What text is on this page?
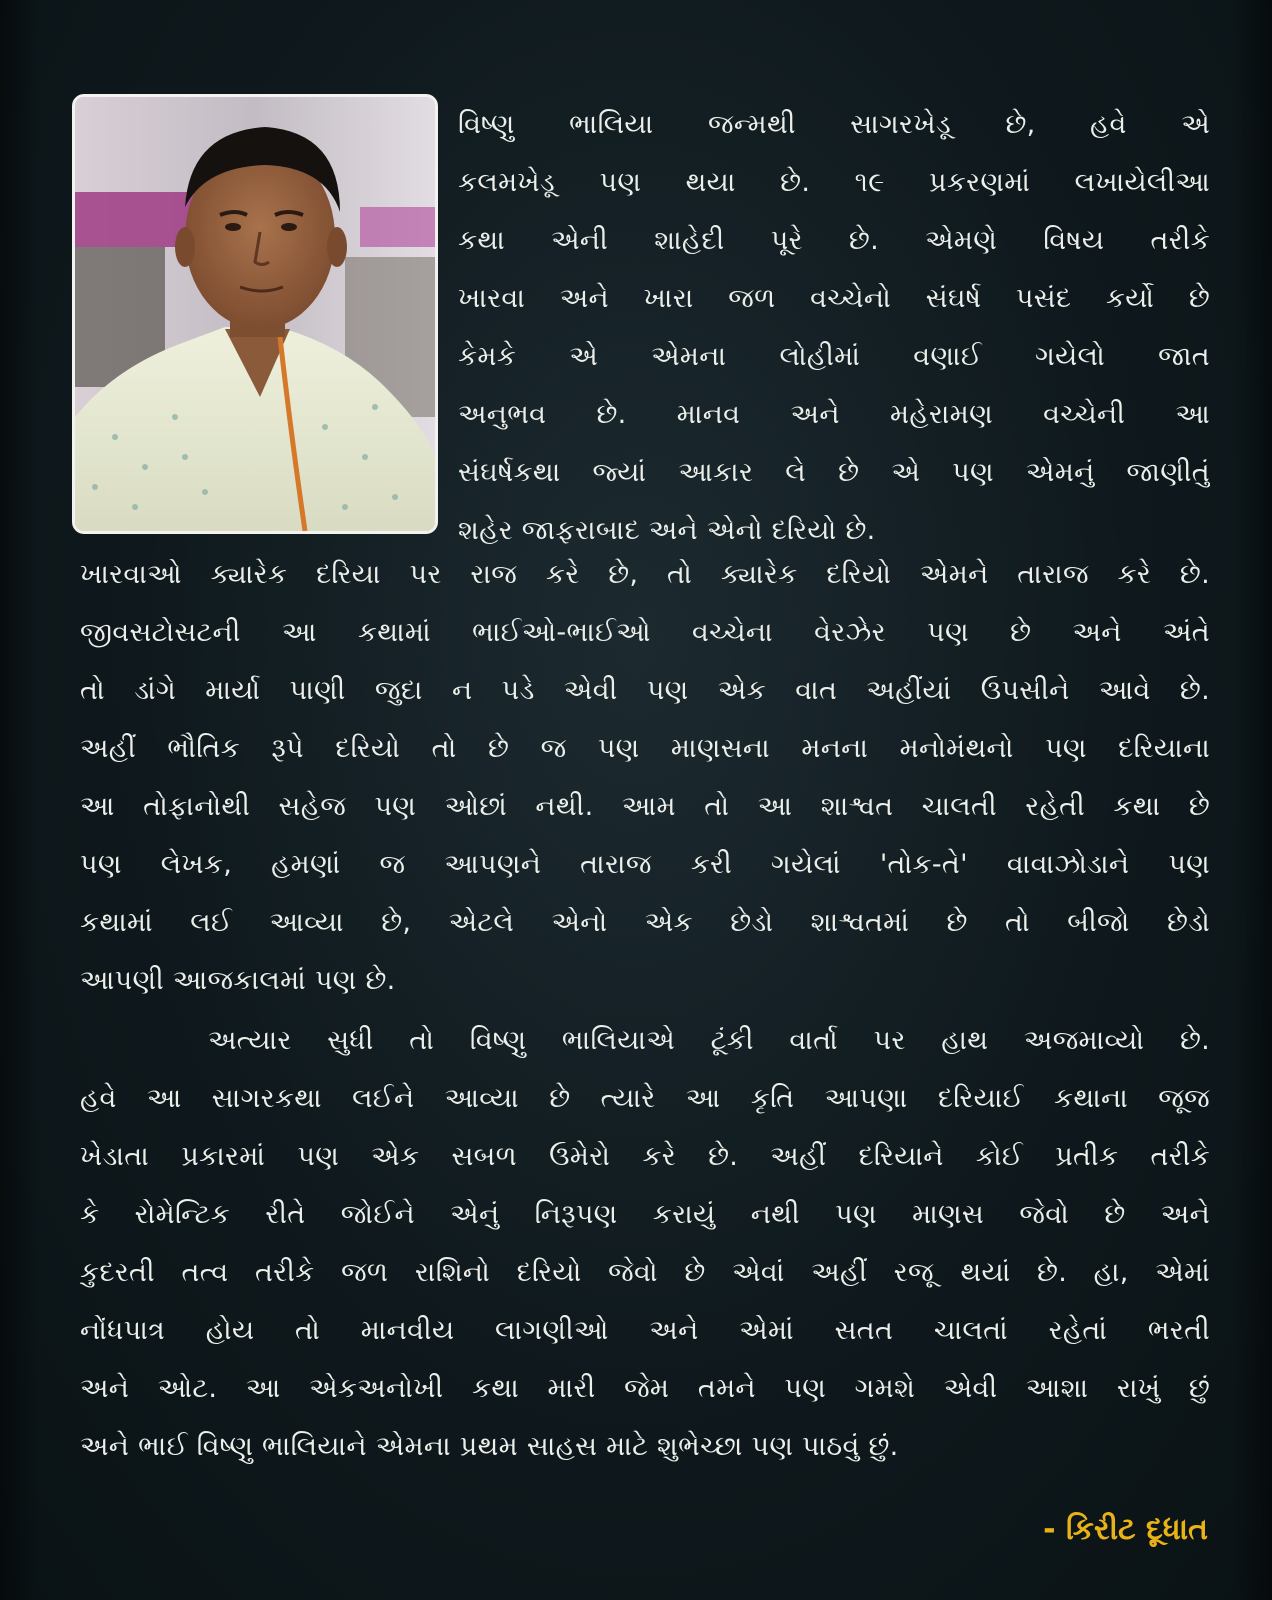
વિષ્ણુ ભાલિયા જન્મથી સાગરખેડૂ છે, હવે એ
કલમખેડૂ પણ થયા છે. ૧૯ પ્રકરણમાં લખાયેલીઆ
કથા એની શાહેદી પૂરે છે. એમણે વિષય તરીકે
ખારવા અને ખારા જળ વચ્ચેનો સંઘર્ષ પસંદ કર્યો છે
કેમકે એ એમના લોહીમાં વણાઈ ગયેલો જાત
અનુભવ છે. માનવ અને મહેરામણ વચ્ચેની આ
સંઘર્ષકથા જ્યાં આકાર લે છે એ પણ એમનું જાણીતું
શહેર જાફરાબાદ અને એનો દરિયો છે.
ખારવાઓ ક્યારેક દરિયા પર રાજ કરે છે, તો ક્યારેક દરિયો એમને તારાજ કરે છે.
જીવસટોસટની આ કથામાં ભાઈઓ-ભાઈઓ વચ્ચેના વેરઝેર પણ છે અને અંતે
તો ડાંગે માર્યા પાણી જુદા ન પડે એવી પણ એક વાત અહીંયાં ઉપસીને આવે છે.
અહીં ભૌતિક રૂપે દરિયો તો છે જ પણ માણસના મનના મનોમંથનો પણ દરિયાના
આ તોફાનોથી સહેજ પણ ઓછાં નથી. આમ તો આ શાશ્વત ચાલતી રહેતી કથા છે
પણ લેખક, હમણાં જ આપણને તારાજ કરી ગયેલાં 'તોક-તે' વાવાઝોડાને પણ
કથામાં લઈ આવ્યા છે, એટલે એનો એક છેડો શાશ્વતમાં છે તો બીજો છેડો
આપણી આજકાલમાં પણ છે.
અત્યાર સુધી તો વિષ્ણુ ભાલિયાએ ટૂંકી વાર્તા પર હાથ અજમાવ્યો છે.
હવે આ સાગરકથા લઈને આવ્યા છે ત્યારે આ કૃતિ આપણા દરિયાઈ કથાના જૂજ
ખેડાતા પ્રકારમાં પણ એક સબળ ઉમેરો કરે છે. અહીં દરિયાને કોઈ પ્રતીક તરીકે
કે રોમેન્ટિક રીતે જોઈને એનું નિરૂપણ કરાયું નથી પણ માણસ જેવો છે અને
કુદરતી તત્વ તરીકે જળ રાશિનો દરિયો જેવો છે એવાં અહીં રજૂ થયાં છે. હા, એમાં
નોંધપાત્ર હોય તો માનવીય લાગણીઓ અને એમાં સતત ચાલતાં રહેતાં ભરતી
અને ઓટ. આ એકઅનોખી કથા મારી જેમ તમને પણ ગમશે એવી આશા રાખું છું
અને ભાઈ વિષ્ણુ ભાલિયાને એમના પ્રથમ સાહસ માટે શુભેચ્છા પણ પાઠવું છું.
- કિરીટ દૂધાત
